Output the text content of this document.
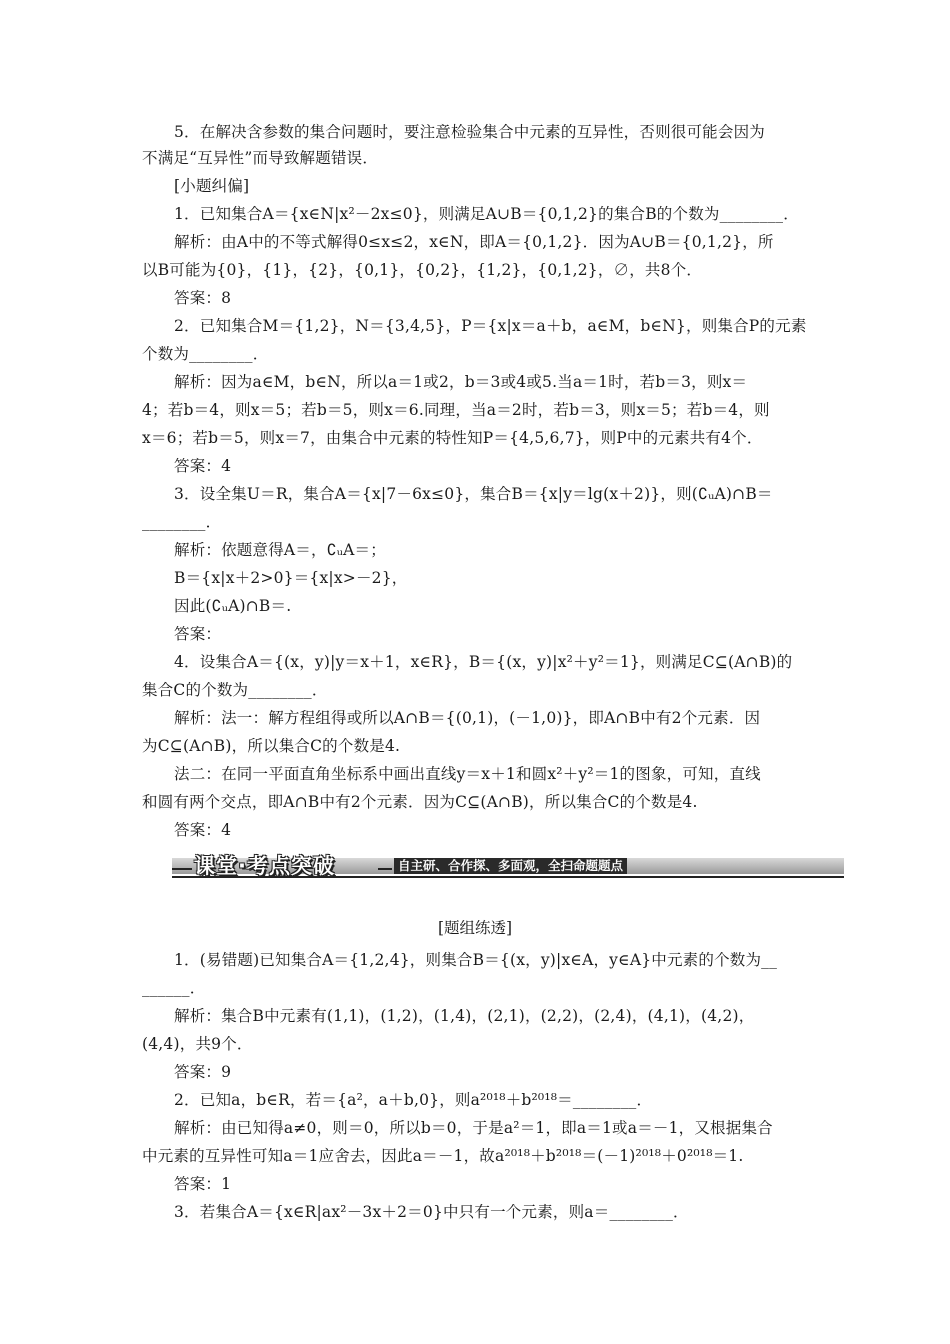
5．在解决含参数的集合问题时，要注意检验集合中元素的互异性，否则很可能会因为
不满足“互异性”而导致解题错误．
[小题纠偏]
1．已知集合A＝{x∈N|x²－2x≤0}，则满足A∪B＝{0,1,2}的集合B的个数为________．
解析：由A中的不等式解得0≤x≤2，x∈N，即A＝{0,1,2}．因为A∪B＝{0,1,2}，所
以B可能为{0}，{1}，{2}，{0,1}，{0,2}，{1,2}，{0,1,2}，∅，共8个．
答案：8
2．已知集合M＝{1,2}，N＝{3,4,5}，P＝{x|x＝a＋b，a∈M，b∈N}，则集合P的元素
个数为________．
解析：因为a∈M，b∈N，所以a＝1或2，b＝3或4或5.当a＝1时，若b＝3，则x＝
4；若b＝4，则x＝5；若b＝5，则x＝6.同理，当a＝2时，若b＝3，则x＝5；若b＝4，则
x＝6；若b＝5，则x＝7，由集合中元素的特性知P＝{4,5,6,7}，则P中的元素共有4个．
答案：4
3．设全集U＝R，集合A＝{x|7－6x≤0}，集合B＝{x|y＝lg(x＋2)}，则(∁ᵤA)∩B＝
________．
解析：依题意得A＝，∁ᵤA＝；
B＝{x|x＋2>0}＝{x|x>－2}，
因此(∁ᵤA)∩B＝.
答案：
4．设集合A＝{(x，y)|y＝x＋1，x∈R}，B＝{(x，y)|x²＋y²＝1}，则满足C⊆(A∩B)的
集合C的个数为________．
解析：法一：解方程组得或所以A∩B＝{(0,1)，(－1,0)}，即A∩B中有2个元素．因
为C⊆(A∩B)，所以集合C的个数是4.
法二：在同一平面直角坐标系中画出直线y＝x＋1和圆x²＋y²＝1的图象，可知，直线
和圆有两个交点，即A∩B中有2个元素．因为C⊆(A∩B)，所以集合C的个数是4.
答案：4
课堂·考点突破	自主研、合作探、多面观，全扫命题题点
[题组练透]
1．(易错题)已知集合A＝{1,2,4}，则集合B＝{(x，y)|x∈A，y∈A}中元素的个数为__
______．
解析：集合B中元素有(1,1)，(1,2)，(1,4)，(2,1)，(2,2)，(2,4)，(4,1)，(4,2)，
(4,4)，共9个．
答案：9
2．已知a，b∈R，若＝{a²，a＋b,0}，则a²⁰¹⁸＋b²⁰¹⁸＝________．
解析：由已知得a≠0，则＝0，所以b＝0，于是a²＝1，即a＝1或a＝－1，又根据集合
中元素的互异性可知a＝1应舍去，因此a＝－1，故a²⁰¹⁸＋b²⁰¹⁸＝(－1)²⁰¹⁸＋0²⁰¹⁸＝1.
答案：1
3．若集合A＝{x∈R|ax²－3x＋2＝0}中只有一个元素，则a＝________．
